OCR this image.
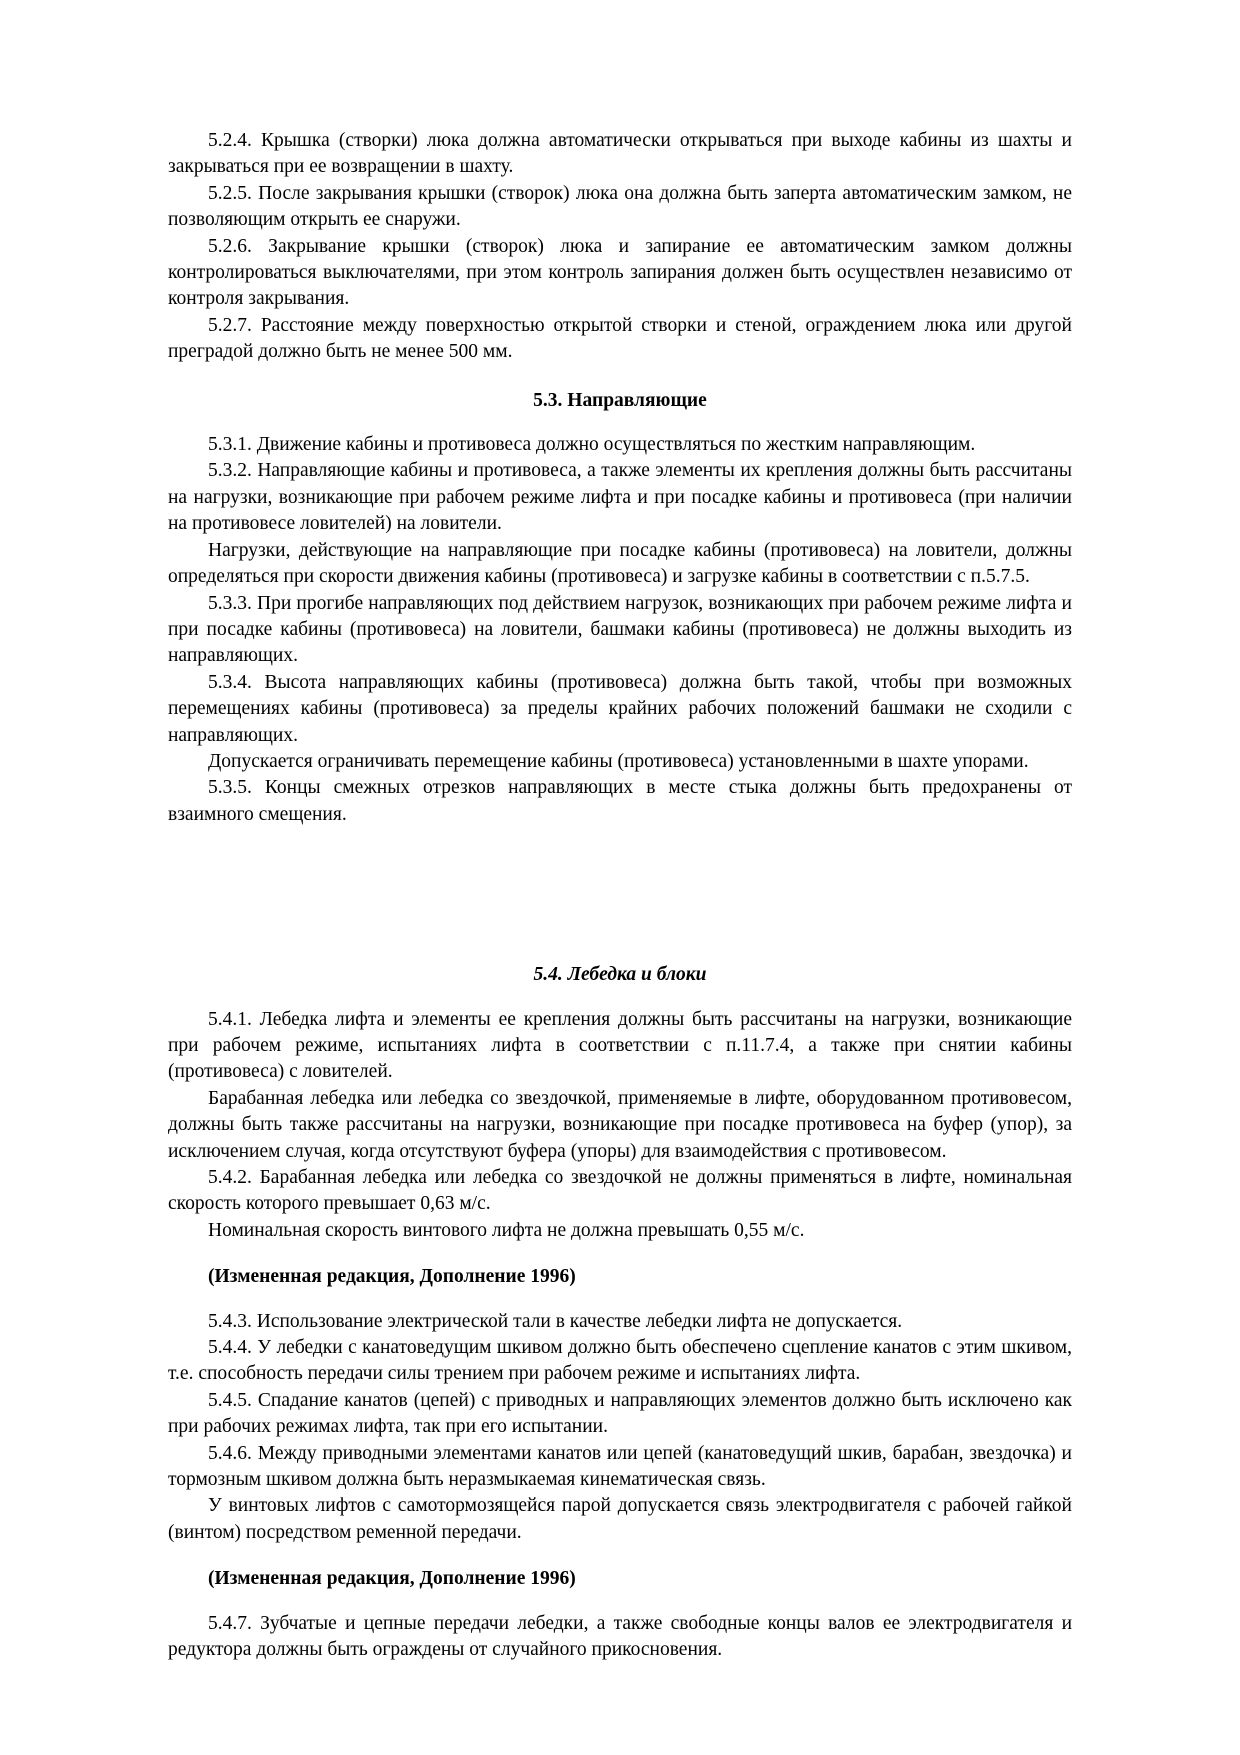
5.2.4. Крышка (створки) люка должна автоматически открываться при выходе кабины из шахты и закрываться при ее возвращении в шахту.

5.2.5. После закрывания крышки (створок) люка она должна быть заперта автоматическим замком, не позволяющим открыть ее снаружи.

5.2.6. Закрывание крышки (створок) люка и запирание ее автоматическим замком должны контролироваться выключателями, при этом контроль запирания должен быть осуществлен независимо от контроля закрывания.

5.2.7. Расстояние между поверхностью открытой створки и стеной, ограждением люка или другой преградой должно быть не менее 500 мм.

5.3. Направляющие

5.3.1. Движение кабины и противовеса должно осуществляться по жестким направляющим.

5.3.2. Направляющие кабины и противовеса, а также элементы их крепления должны быть рассчитаны на нагрузки, возникающие при рабочем режиме лифта и при посадке кабины и противовеса (при наличии на противовесе ловителей) на ловители.

Нагрузки, действующие на направляющие при посадке кабины (противовеса) на ловители, должны определяться при скорости движения кабины (противовеса) и загрузке кабины в соответствии с п.5.7.5.

5.3.3. При прогибе направляющих под действием нагрузок, возникающих при рабочем режиме лифта и при посадке кабины (противовеса) на ловители, башмаки кабины (противовеса) не должны выходить из направляющих.

5.3.4. Высота направляющих кабины (противовеса) должна быть такой, чтобы при возможных перемещениях кабины (противовеса) за пределы крайних рабочих положений башмаки не сходили с направляющих.

Допускается ограничивать перемещение кабины (противовеса) установленными в шахте упорами.

5.3.5. Концы смежных отрезков направляющих в месте стыка должны быть предохранены от взаимного смещения.

5.4. Лебедка и блоки

5.4.1. Лебедка лифта и элементы ее крепления должны быть рассчитаны на нагрузки, возникающие при рабочем режиме, испытаниях лифта в соответствии с п.11.7.4, а также при снятии кабины (противовеса) с ловителей.

Барабанная лебедка или лебедка со звездочкой, применяемые в лифте, оборудованном противовесом, должны быть также рассчитаны на нагрузки, возникающие при посадке противовеса на буфер (упор), за исключением случая, когда отсутствуют буфера (упоры) для взаимодействия с противовесом.

5.4.2. Барабанная лебедка или лебедка со звездочкой не должны применяться в лифте, номинальная скорость которого превышает 0,63 м/с.

Номинальная скорость винтового лифта не должна превышать 0,55 м/с.

(Измененная редакция, Дополнение 1996)

5.4.3. Использование электрической тали в качестве лебедки лифта не допускается.

5.4.4. У лебедки с канатоведущим шкивом должно быть обеспечено сцепление канатов с этим шкивом, т.е. способность передачи силы трением при рабочем режиме и испытаниях лифта.

5.4.5. Спадание канатов (цепей) с приводных и направляющих элементов должно быть исключено как при рабочих режимах лифта, так при его испытании.

5.4.6. Между приводными элементами канатов или цепей (канатоведущий шкив, барабан, звездочка) и тормозным шкивом должна быть неразмыкаемая кинематическая связь.

У винтовых лифтов с самотормозящейся парой допускается связь электродвигателя с рабочей гайкой (винтом) посредством ременной передачи.

(Измененная редакция, Дополнение 1996)

5.4.7. Зубчатые и цепные передачи лебедки, а также свободные концы валов ее электродвигателя и редуктора должны быть ограждены от случайного прикосновения.
